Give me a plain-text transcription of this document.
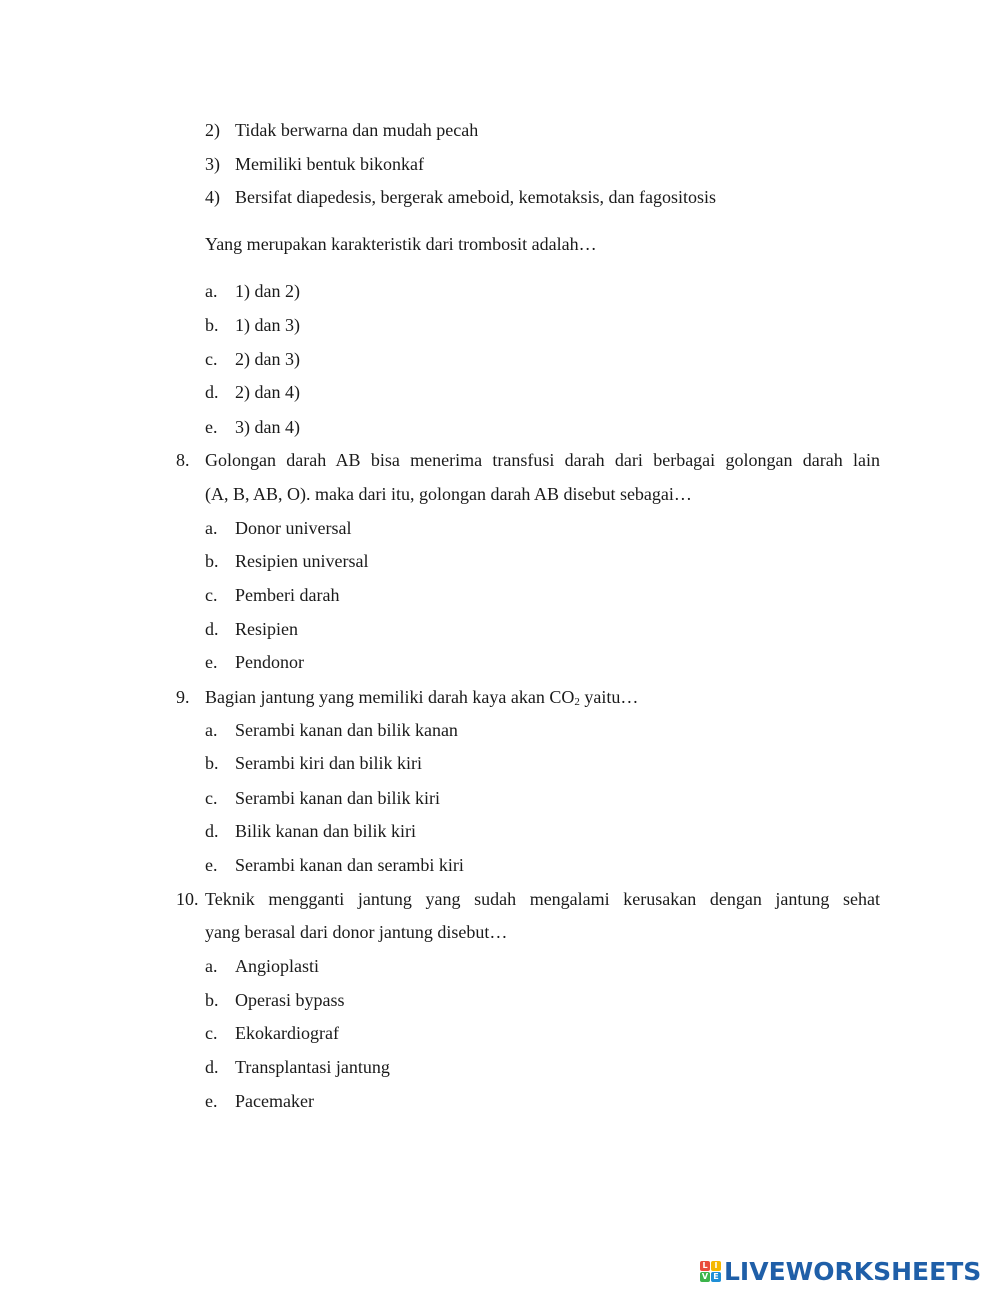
2) Tidak berwarna dan mudah pecah
3) Memiliki bentuk bikonkaf
4) Bersifat diapedesis, bergerak ameboid, kemotaksis, dan fagositosis
Yang merupakan karakteristik dari trombosit adalah…
a. 1) dan 2)
b. 1) dan 3)
c. 2) dan 3)
d. 2) dan 4)
e. 3) dan 4)
8. Golongan darah AB bisa menerima transfusi darah dari berbagai golongan darah lain
(A, B, AB, O). maka dari itu, golongan darah AB disebut sebagai…
a. Donor universal
b. Resipien universal
c. Pemberi darah
d. Resipien
e. Pendonor
9. Bagian jantung yang memiliki darah kaya akan $CO_2$ yaitu…
a. Serambi kanan dan bilik kanan
b. Serambi kiri dan bilik kiri
c. Serambi kanan dan bilik kiri
d. Bilik kanan dan bilik kiri
e. Serambi kanan dan serambi kiri
10. Teknik mengganti jantung yang sudah mengalami kerusakan dengan jantung sehat
yang berasal dari donor jantung disebut…
a. Angioplasti
b. Operasi bypass
c. Ekokardiograf
d. Transplantasi jantung
e. Pacemaker
L I
V E LIVEWORKSHEETS
